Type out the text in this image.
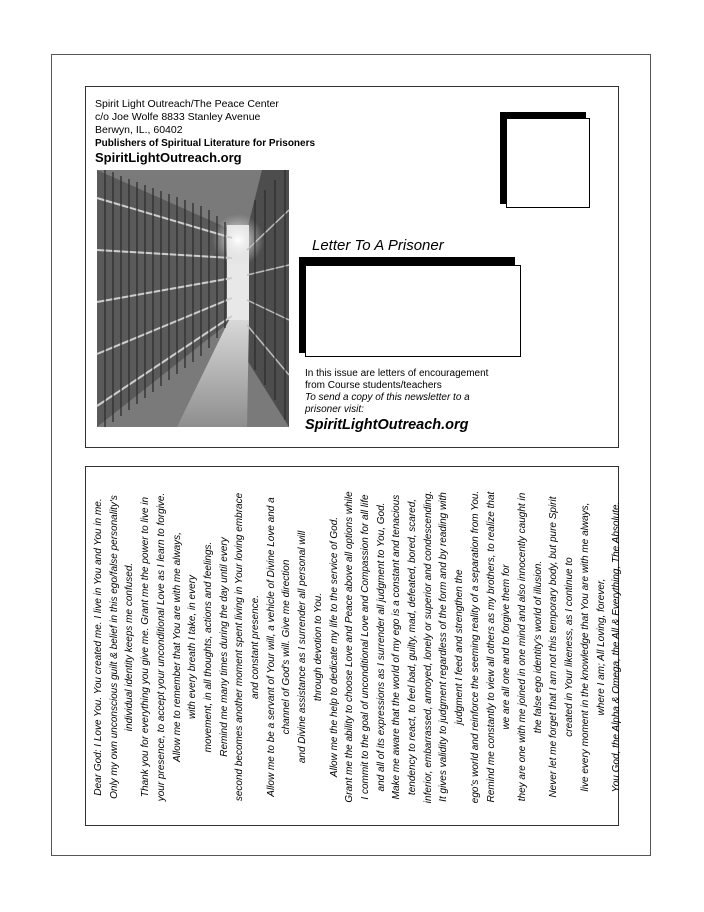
Spirit Light Outreach/The Peace Center
c/o Joe Wolfe 8833 Stanley Avenue
Berwyn, IL., 60402
Publishers of Spiritual Literature for Prisoners
SpiritLightOutreach.org
Letter To A Prisoner
In this issue are letters of encouragement
from Course students/teachers
To send a copy of this newsletter to a
prisoner visit:
SpiritLightOutreach.org
Dear God: I Love You. You created me. I live in You and You in me. Only my own unconscious guilt & belief in this ego/false personality's individual identity keeps me confused. Thank you for everything you give me. Grant me the power to live in your presence, to accept your unconditional Love as I learn to forgive. Allow me to remember that You are with me always, with every breath I take, in every movement, in all thoughts, actions and feelings. Remind me many times during the day until every second becomes another moment spent living in Your loving embrace and constant presence. Allow me to be a servant of Your will, a vehicle of Divine Love and a channel of God's will. Give me direction and Divine assistance as I surrender all personal will through devotion to You. Allow me the help to dedicate my life to the service of God. Grant me the ability to choose Love and Peace above all options while I commit to the goal of unconditional Love and Compassion for all life and all of its expressions as I surrender all judgment to You, God. Make me aware that the world of my ego is a constant and tenacious tendency to react, to feel bad, guilty, mad, defeated, bored, scared, inferior, embarrassed, annoyed, lonely or superior and condescending. It gives validity to judgment regardless of the form and by reading with judgment I feed and strengthen the ego's world and reinforce the seeming reality of a separation from You. Remind me constantly to view all others as my brothers, to realize that we are all one and to forgive them for they are one with me joined in one mind and also innocently caught in the false ego identity's world of illusion. Never let me forget that I am not this temporary body, but pure Spirit created in Your likeness, as I continue to live every moment in the knowledge that You are with me always, where I am; All Loving, forever, You God, the Alpha & Omega, the All & Everything, The Absolute.
